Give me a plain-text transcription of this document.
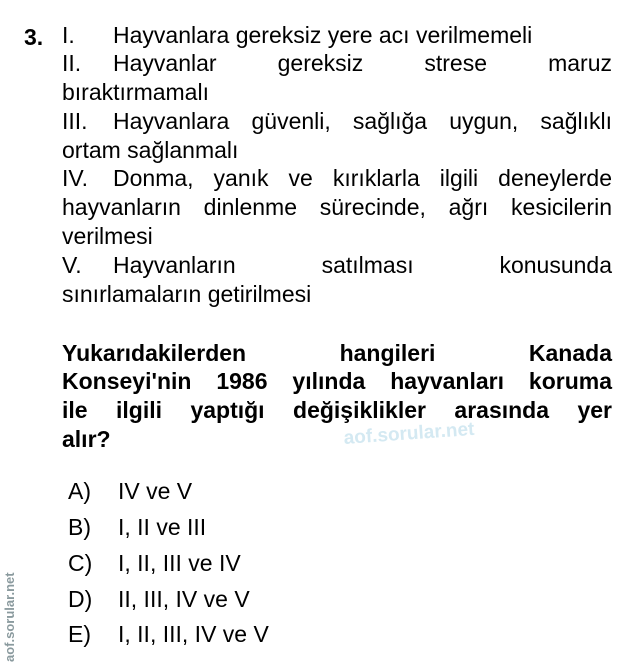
3. I.	Hayvanlara gereksiz yere acı verilmemeli
II.	Hayvanlar gereksiz strese maruz
bıraktırmamalı
III.	Hayvanlara güvenli, sağlığa uygun, sağlıklı
ortam sağlanmalı
IV.	Donma, yanık ve kırıklarla ilgili deneylerde
hayvanların dinlenme sürecinde, ağrı kesicilerin
verilmesi
V.	Hayvanların satılması konusunda
sınırlamaların getirilmesi
Yukarıdakilerden hangileri Kanada
Konseyi'nin 1986 yılında hayvanları koruma
ile ilgili yaptığı değişiklikler arasında yer
alır?	aof.sorular.net
A)	IV ve V
B)	I, II ve III
C)	I, II, III ve IV
D)	II, III, IV ve V
E)	I, II, III, IV ve V
aof.sorular.net
